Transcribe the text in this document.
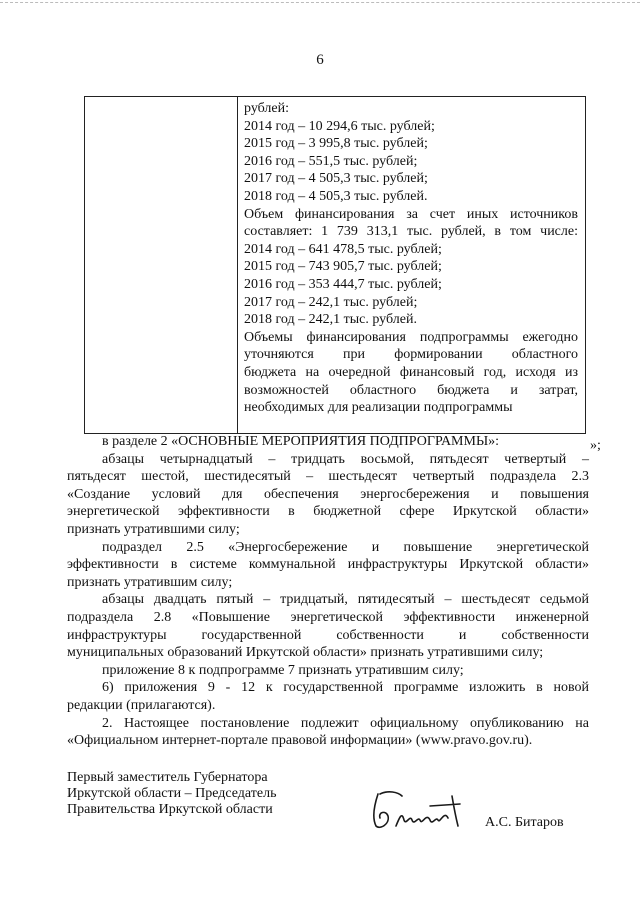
6
рублей:
2014 год – 10 294,6 тыс. рублей;
2015 год – 3 995,8 тыс. рублей;
2016 год – 551,5 тыс. рублей;
2017 год – 4 505,3 тыс. рублей;
2018 год – 4 505,3 тыс. рублей.
Объем финансирования за счет иных источников
составляет: 1 739 313,1 тыс. рублей, в том числе:
2014 год – 641 478,5 тыс. рублей;
2015 год – 743 905,7 тыс. рублей;
2016 год – 353 444,7 тыс. рублей;
2017 год – 242,1 тыс. рублей;
2018 год – 242,1 тыс. рублей.
Объемы финансирования подпрограммы ежегодно
уточняются при формировании областного
бюджета на очередной финансовый год, исходя из
возможностей областного бюджета и затрат,
необходимых для реализации подпрограммы
»;
в разделе 2 «ОСНОВНЫЕ МЕРОПРИЯТИЯ ПОДПРОГРАММЫ»:
абзацы четырнадцатый – тридцать восьмой, пятьдесят четвертый –
пятьдесят шестой, шестидесятый – шестьдесят четвертый подраздела 2.3
«Создание условий для обеспечения энергосбережения и повышения
энергетической эффективности в бюджетной сфере Иркутской области»
признать утратившими силу;
подраздел 2.5 «Энергосбережение и повышение энергетической
эффективности в системе коммунальной инфраструктуры Иркутской области»
признать утратившим силу;
абзацы двадцать пятый – тридцатый, пятидесятый – шестьдесят седьмой
подраздела 2.8 «Повышение энергетической эффективности инженерной
инфраструктуры государственной собственности и собственности
муниципальных образований Иркутской области» признать утратившими силу;
приложение 8 к подпрограмме 7 признать утратившим силу;
6) приложения 9 - 12 к государственной программе изложить в новой
редакции (прилагаются).
2. Настоящее постановление подлежит официальному опубликованию на
«Официальном интернет-портале правовой информации» (www.pravo.gov.ru).
Первый заместитель Губернатора
Иркутской области – Председатель
Правительства Иркутской области
А.С. Битаров
